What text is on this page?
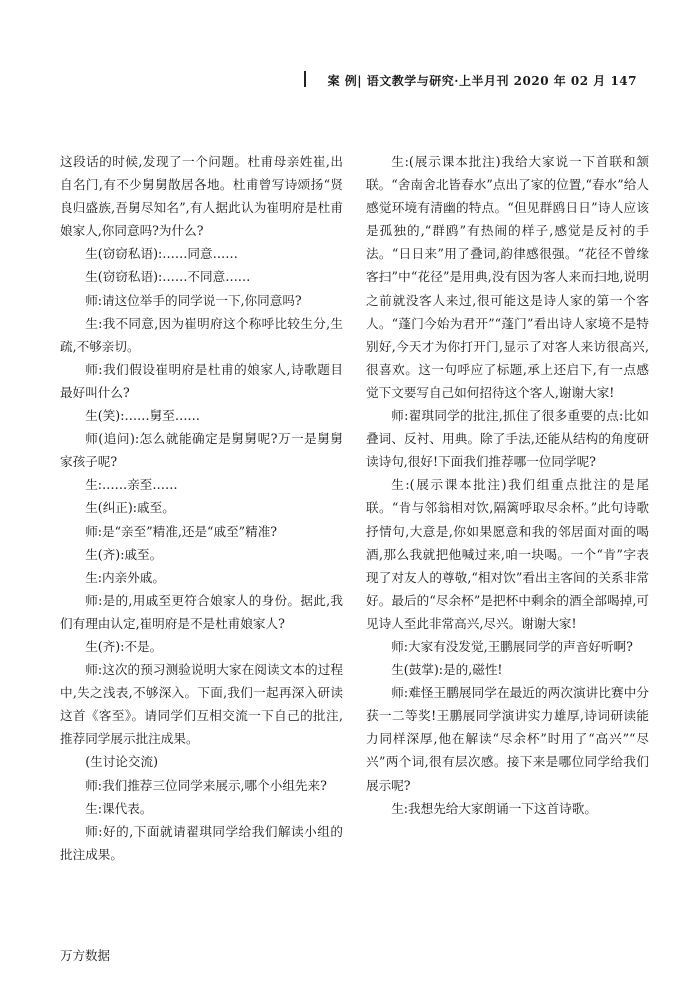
案 例| 语文教学与研究·上半月刊 2020 年 02 月 147

这段话的时候,发现了一个问题。杜甫母亲姓崔,出自名门,有不少舅舅散居各地。杜甫曾写诗颂扬“贤良归盛族,吾舅尽知名”,有人据此认为崔明府是杜甫娘家人,你同意吗?为什么?

生(窃窃私语):……同意……

生(窃窃私语):……不同意……

师:请这位举手的同学说一下,你同意吗?

生:我不同意,因为崔明府这个称呼比较生分,生疏,不够亲切。

师:我们假设崔明府是杜甫的娘家人,诗歌题目最好叫什么?

生(笑):……舅至……

师(追问):怎么就能确定是舅舅呢?万一是舅舅家孩子呢?

生:……亲至……

生(纠正):戚至。

师:是“亲至”精准,还是“戚至”精准?

生(齐):戚至。

生:内亲外戚。

师:是的,用戚至更符合娘家人的身份。据此,我们有理由认定,崔明府是不是杜甫娘家人?

生(齐):不是。

师:这次的预习测验说明大家在阅读文本的过程中,失之浅表,不够深入。下面,我们一起再深入研读这首《客至》。请同学们互相交流一下自己的批注,推荐同学展示批注成果。

(生讨论交流)

师:我们推荐三位同学来展示,哪个小组先来?

生:课代表。

师:好的,下面就请翟琪同学给我们解读小组的批注成果。

生:(展示课本批注)我给大家说一下首联和颔联。“舍南舍北皆春水”点出了家的位置,“春水”给人感觉环境有清幽的特点。“但见群鸥日日”诗人应该是孤独的,“群鸥”有热闹的样子,感觉是反衬的手法。“日日来”用了叠词,韵律感很强。“花径不曾缘客扫”中“花径”是用典,没有因为客人来而扫地,说明之前就没客人来过,很可能这是诗人家的第一个客人。“蓬门今始为君开”“蓬门”看出诗人家境不是特别好,今天才为你打开门,显示了对客人来访很高兴,很喜欢。这一句呼应了标题,承上还启下,有一点感觉下文要写自己如何招待这个客人,谢谢大家!

师:翟琪同学的批注,抓住了很多重要的点:比如叠词、反衬、用典。除了手法,还能从结构的角度研读诗句,很好!下面我们推荐哪一位同学呢?

生:(展示课本批注)我们组重点批注的是尾联。“肯与邻翁相对饮,隔篱呼取尽余杯。”此句诗歌抒情句,大意是,你如果愿意和我的邻居面对面的喝酒,那么我就把他喊过来,咱一块喝。一个“肯”字表现了对友人的尊敬,“相对饮”看出主客间的关系非常好。最后的“尽余杯”是把杯中剩余的酒全部喝掉,可见诗人至此非常高兴,尽兴。谢谢大家!

师:大家有没发觉,王鹏展同学的声音好听啊?

生(鼓掌):是的,磁性!

师:难怪王鹏展同学在最近的两次演讲比赛中分获一二等奖!王鹏展同学演讲实力雄厚,诗词研读能力同样深厚,他在解读“尽余杯”时用了“高兴”“尽兴”两个词,很有层次感。接下来是哪位同学给我们展示呢?

生:我想先给大家朗诵一下这首诗歌。

万方数据
